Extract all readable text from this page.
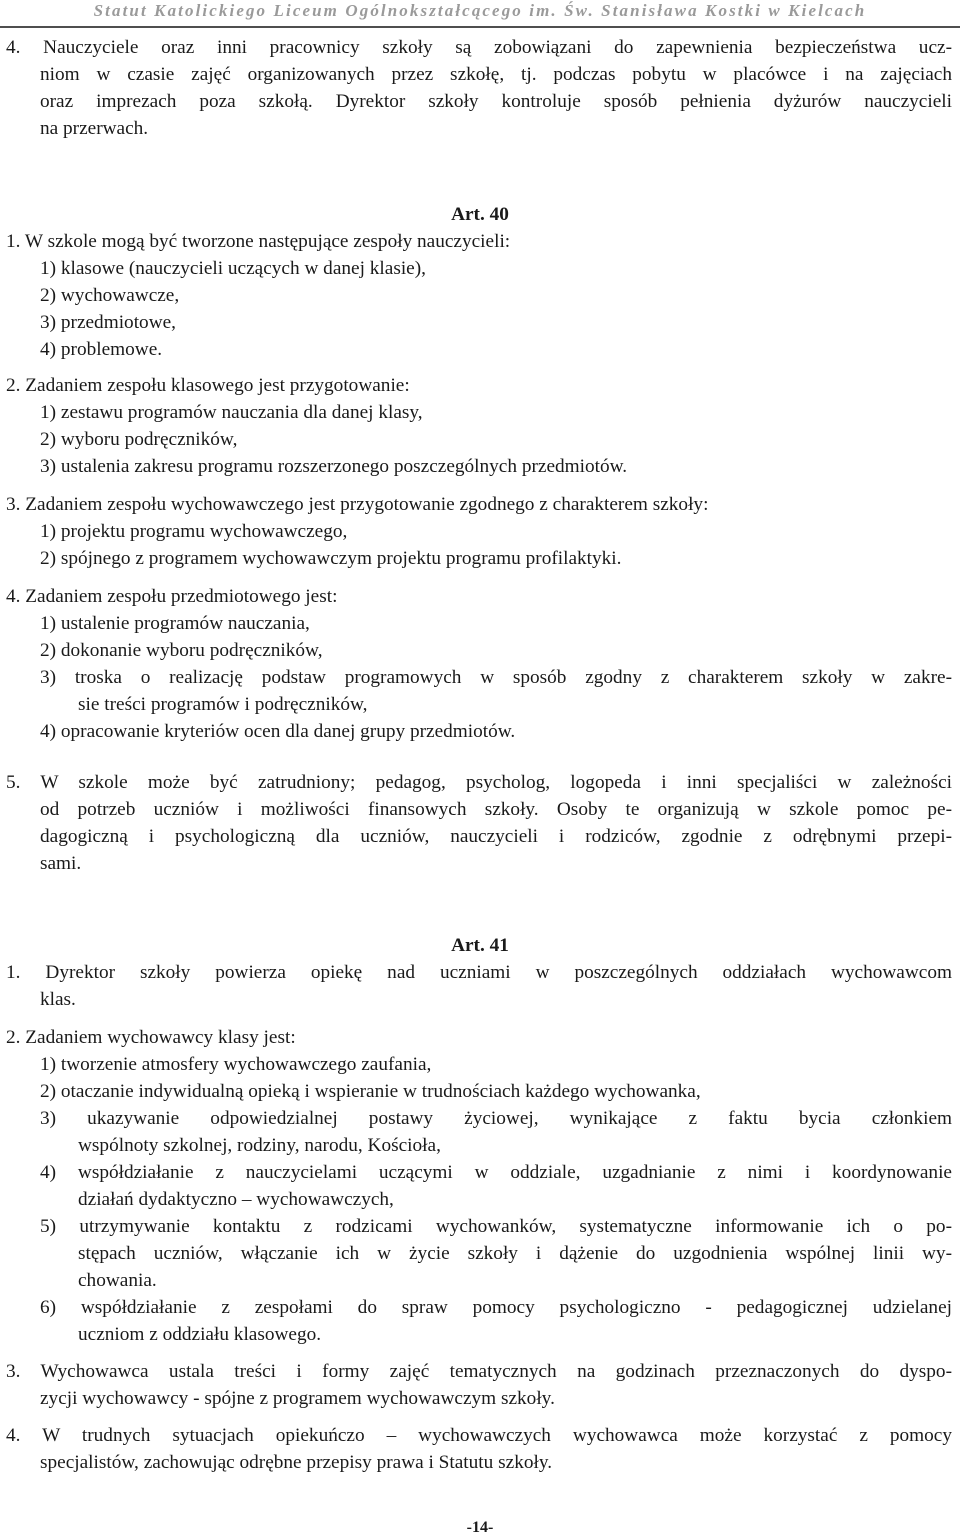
Statut Katolickiego Liceum Ogólnokształcącego im. Św. Stanisława Kostki w Kielcach
4. Nauczyciele oraz inni pracownicy szkoły są zobowiązani do zapewnienia bezpieczeństwa ucz-
niom w czasie zajęć organizowanych przez szkołę, tj. podczas pobytu w placówce i na zajęciach
oraz imprezach poza szkołą. Dyrektor szkoły kontroluje sposób pełnienia dyżurów nauczycieli
na przerwach.
Art. 40
1. W szkole mogą być tworzone następujące zespoły nauczycieli:
1) klasowe (nauczycieli uczących w danej klasie),
2) wychowawcze,
3) przedmiotowe,
4) problemowe.
2. Zadaniem zespołu klasowego jest przygotowanie:
1) zestawu programów nauczania dla danej klasy,
2) wyboru podręczników,
3) ustalenia zakresu programu rozszerzonego poszczególnych przedmiotów.
3. Zadaniem zespołu wychowawczego jest przygotowanie zgodnego z charakterem szkoły:
1) projektu programu wychowawczego,
2) spójnego z programem wychowawczym projektu programu profilaktyki.
4. Zadaniem zespołu przedmiotowego jest:
1) ustalenie programów nauczania,
2) dokonanie wyboru podręczników,
3) troska o realizację podstaw programowych w sposób zgodny z charakterem szkoły w zakre-
sie treści programów i podręczników,
4) opracowanie kryteriów ocen dla danej grupy przedmiotów.
5. W szkole może być zatrudniony; pedagog, psycholog, logopeda i inni specjaliści w zależności
od potrzeb uczniów i możliwości finansowych szkoły. Osoby te organizują w szkole pomoc pe-
dagogiczną i psychologiczną dla uczniów, nauczycieli i rodziców, zgodnie z odrębnymi przepi-
sami.
Art. 41
1. Dyrektor szkoły powierza opiekę nad uczniami w poszczególnych oddziałach wychowawcom
klas.
2. Zadaniem wychowawcy klasy jest:
1) tworzenie atmosfery wychowawczego zaufania,
2) otaczanie indywidualną opieką i wspieranie w trudnościach każdego wychowanka,
3) ukazywanie odpowiedzialnej postawy życiowej, wynikające z faktu bycia członkiem
wspólnoty szkolnej, rodziny, narodu, Kościoła,
4) współdziałanie z nauczycielami uczącymi w oddziale, uzgadnianie z nimi i koordynowanie
działań dydaktyczno – wychowawczych,
5) utrzymywanie kontaktu z rodzicami wychowanków, systematyczne informowanie ich o po-
stępach uczniów, włączanie ich w życie szkoły i dążenie do uzgodnienia wspólnej linii wy-
chowania.
6) współdziałanie z zespołami do spraw pomocy psychologiczno - pedagogicznej udzielanej
uczniom z oddziału klasowego.
3. Wychowawca ustala treści i formy zajęć tematycznych na godzinach przeznaczonych do dyspo-
zycji wychowawcy - spójne z programem wychowawczym szkoły.
4. W trudnych sytuacjach opiekuńczo – wychowawczych wychowawca może korzystać z pomocy
specjalistów, zachowując odrębne przepisy prawa i Statutu szkoły.
-14-
